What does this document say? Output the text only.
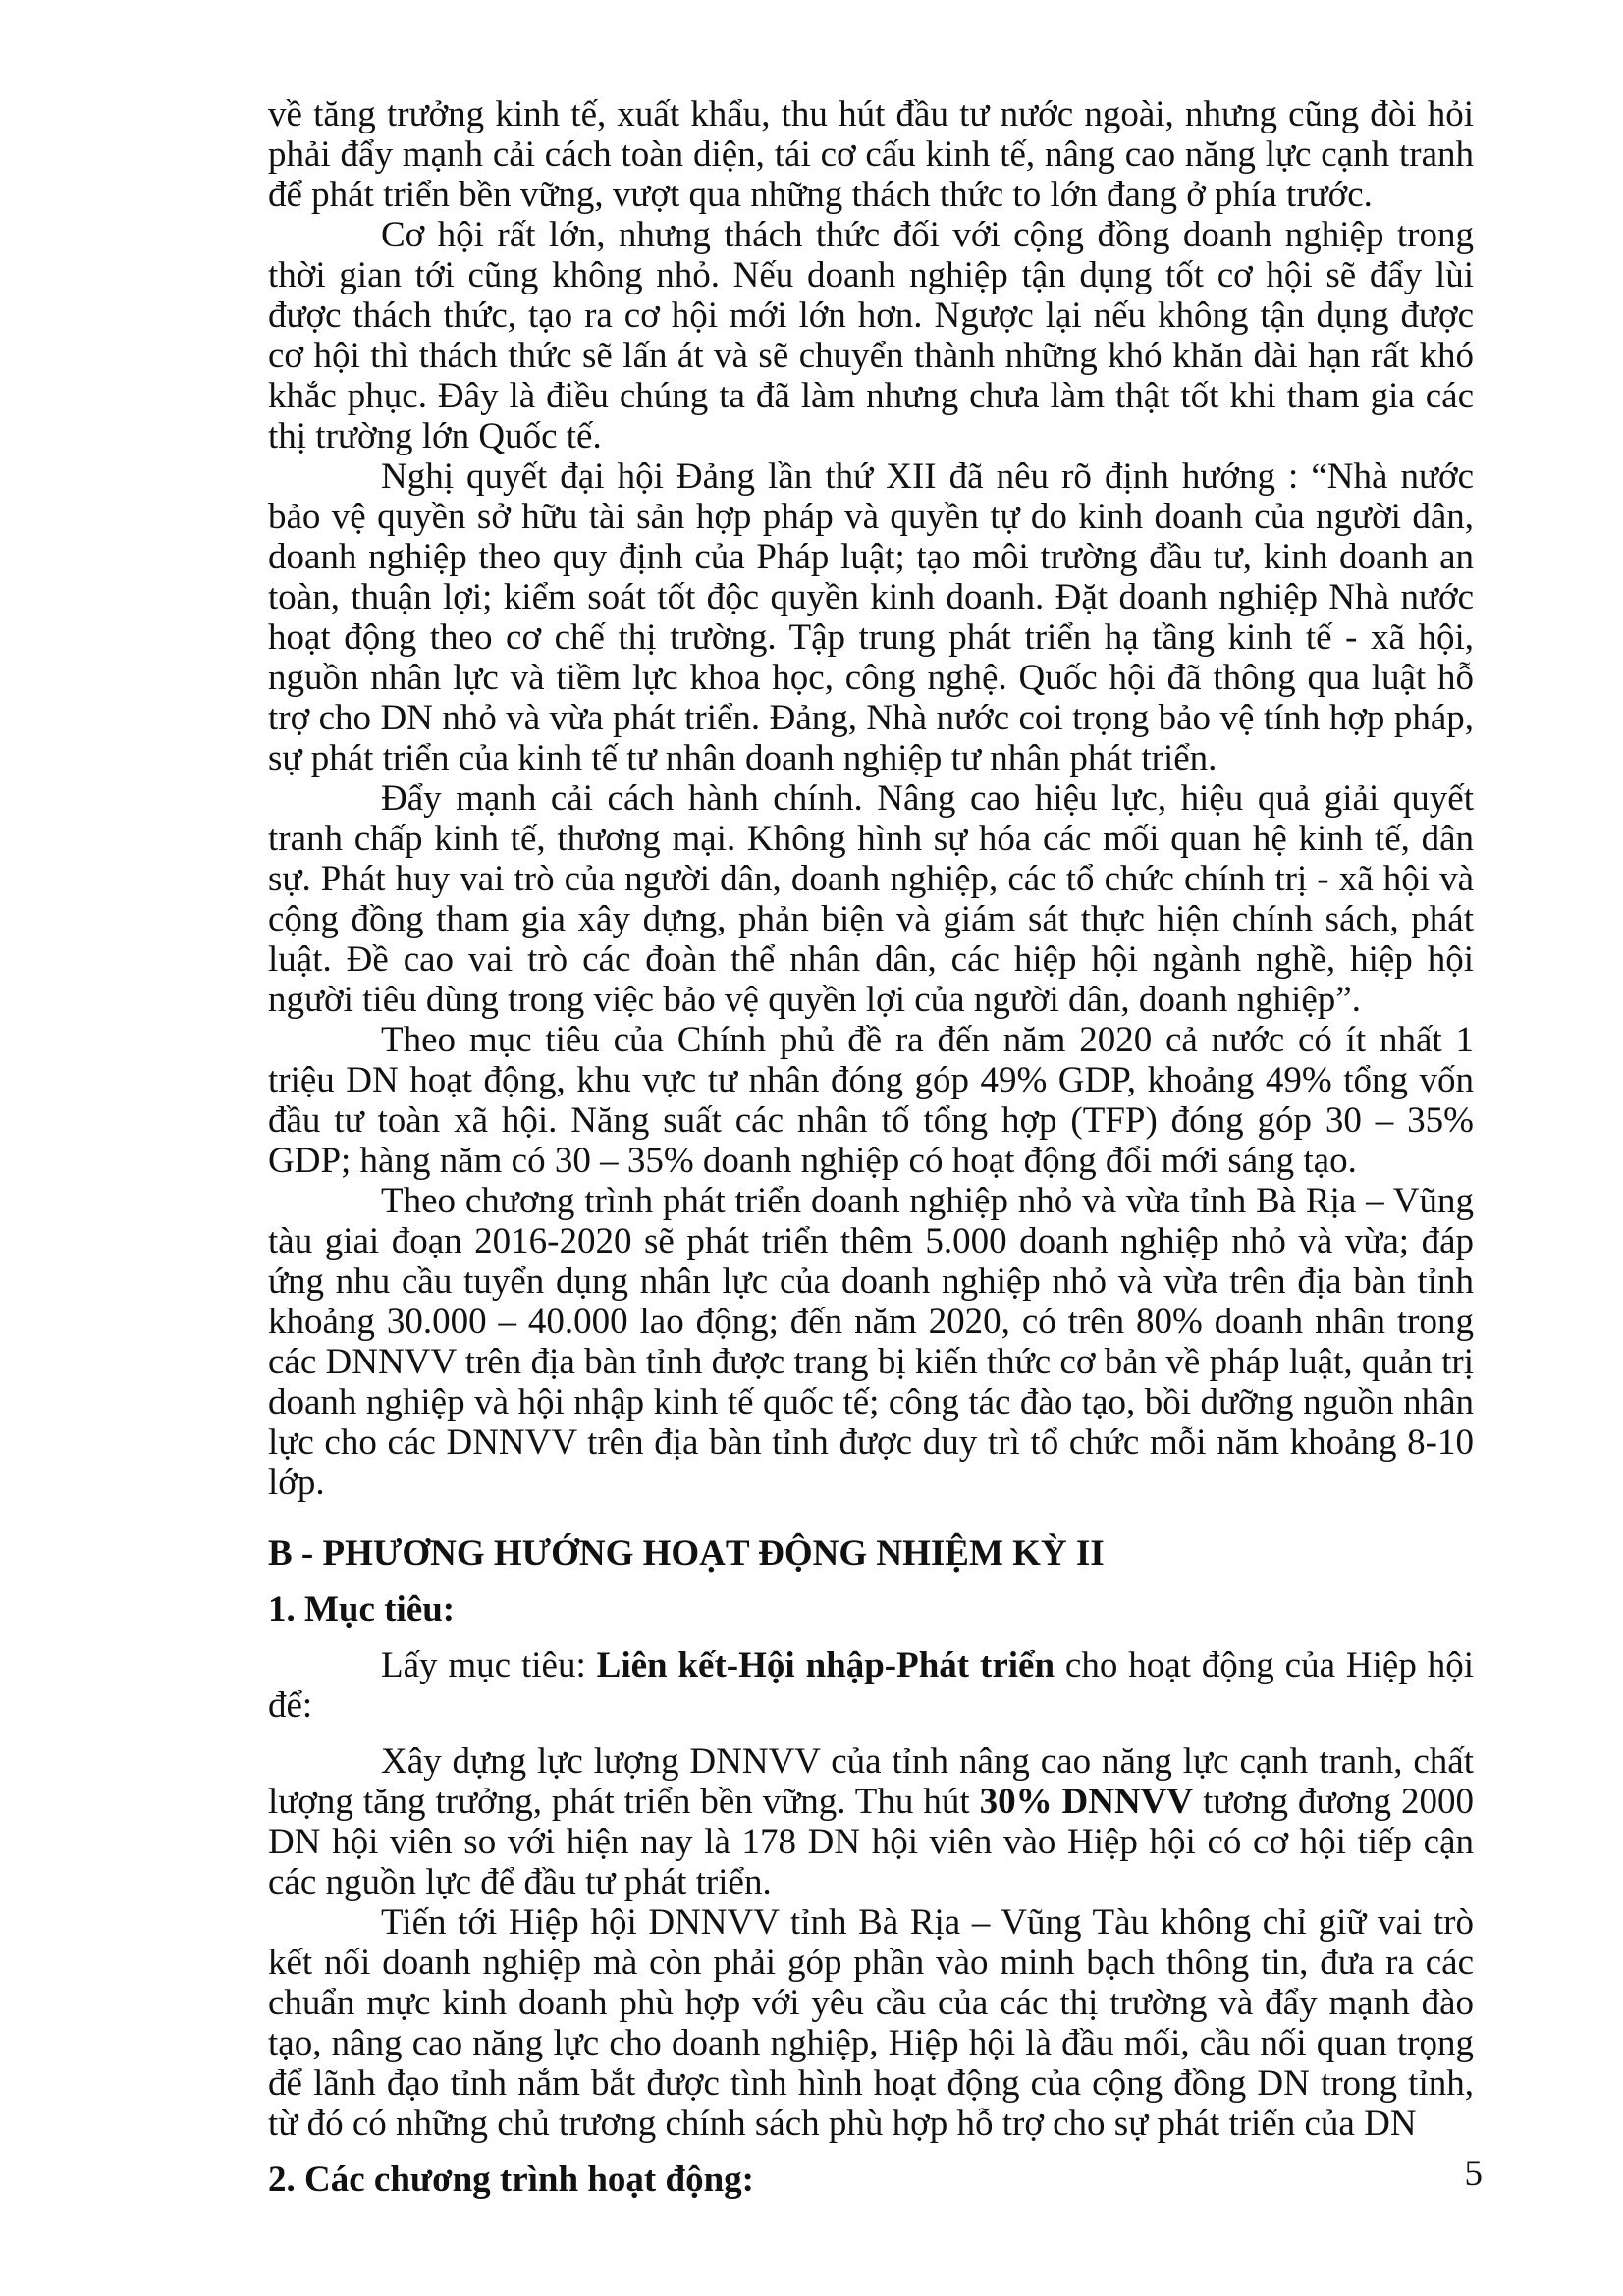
về tăng trưởng kinh tế, xuất khẩu, thu hút đầu tư nước ngoài, nhưng cũng đòi hỏi phải đẩy mạnh cải cách toàn diện, tái cơ cấu kinh tế, nâng cao năng lực cạnh tranh để phát triển bền vững, vượt qua những thách thức to lớn đang ở phía trước.

Cơ hội rất lớn, nhưng thách thức đối với cộng đồng doanh nghiệp trong thời gian tới cũng không nhỏ. Nếu doanh nghiệp tận dụng tốt cơ hội sẽ đẩy lùi được thách thức, tạo ra cơ hội mới lớn hơn. Ngược lại nếu không tận dụng được cơ hội thì thách thức sẽ lấn át và sẽ chuyển thành những khó khăn dài hạn rất khó khắc phục. Đây là điều chúng ta đã làm nhưng chưa làm thật tốt khi tham gia các thị trường lớn Quốc tế.

Nghị quyết đại hội Đảng lần thứ XII đã nêu rõ định hướng : “Nhà nước bảo vệ quyền sở hữu tài sản hợp pháp và quyền tự do kinh doanh của người dân, doanh nghiệp theo quy định của Pháp luật; tạo môi trường đầu tư, kinh doanh an toàn, thuận lợi; kiểm soát tốt độc quyền kinh doanh. Đặt doanh nghiệp Nhà nước hoạt động theo cơ chế thị trường. Tập trung phát triển hạ tầng kinh tế - xã hội, nguồn nhân lực và tiềm lực khoa học, công nghệ. Quốc hội đã thông qua luật hỗ trợ cho DN nhỏ và vừa phát triển. Đảng, Nhà nước coi trọng bảo vệ tính hợp pháp, sự phát triển của kinh tế tư nhân doanh nghiệp tư nhân phát triển.

Đẩy mạnh cải cách hành chính. Nâng cao hiệu lực, hiệu quả giải quyết tranh chấp kinh tế, thương mại. Không hình sự hóa các mối quan hệ kinh tế, dân sự. Phát huy vai trò của người dân, doanh nghiệp, các tổ chức chính trị - xã hội và cộng đồng tham gia xây dựng, phản biện và giám sát thực hiện chính sách, phát luật. Đề cao vai trò các đoàn thể nhân dân, các hiệp hội ngành nghề, hiệp hội người tiêu dùng trong việc bảo vệ quyền lợi của người dân, doanh nghiệp”.

Theo mục tiêu của Chính phủ đề ra đến năm 2020 cả nước có ít nhất 1 triệu DN hoạt động, khu vực tư nhân đóng góp 49% GDP, khoảng 49% tổng vốn đầu tư toàn xã hội. Năng suất các nhân tố tổng hợp (TFP) đóng góp 30 – 35% GDP; hàng năm có 30 – 35% doanh nghiệp có hoạt động đổi mới sáng tạo.

Theo chương trình phát triển doanh nghiệp nhỏ và vừa tỉnh Bà Rịa – Vũng tàu giai đoạn 2016-2020 sẽ phát triển thêm 5.000 doanh nghiệp nhỏ và vừa; đáp ứng nhu cầu tuyển dụng nhân lực của doanh nghiệp nhỏ và vừa trên địa bàn tỉnh khoảng 30.000 – 40.000 lao động; đến năm 2020, có trên 80% doanh nhân trong các DNNVV trên địa bàn tỉnh được trang bị kiến thức cơ bản về pháp luật, quản trị doanh nghiệp và hội nhập kinh tế quốc tế; công tác đào tạo, bồi dưỡng nguồn nhân lực cho các DNNVV trên địa bàn tỉnh được duy trì tổ chức mỗi năm khoảng 8-10 lớp.

B - PHƯƠNG HƯỚNG HOẠT ĐỘNG NHIỆM KỲ II
1. Mục tiêu:

Lấy mục tiêu: Liên kết-Hội nhập-Phát triển cho hoạt động của Hiệp hội để:

Xây dựng lực lượng DNNVV của tỉnh nâng cao năng lực cạnh tranh, chất lượng tăng trưởng, phát triển bền vững. Thu hút 30% DNNVV tương đương 2000 DN hội viên so với hiện nay là 178 DN hội viên vào Hiệp hội có cơ hội tiếp cận các nguồn lực để đầu tư phát triển.

Tiến tới Hiệp hội DNNVV tỉnh Bà Rịa – Vũng Tàu không chỉ giữ vai trò kết nối doanh nghiệp mà còn phải góp phần vào minh bạch thông tin, đưa ra các chuẩn mực kinh doanh phù hợp với yêu cầu của các thị trường và đẩy mạnh đào tạo, nâng cao năng lực cho doanh nghiệp, Hiệp hội là đầu mối, cầu nối quan trọng để lãnh đạo tỉnh nắm bắt được tình hình hoạt động của cộng đồng DN trong tỉnh, từ đó có những chủ trương chính sách phù hợp hỗ trợ cho sự phát triển của DN

2. Các chương trình hoạt động:	5
